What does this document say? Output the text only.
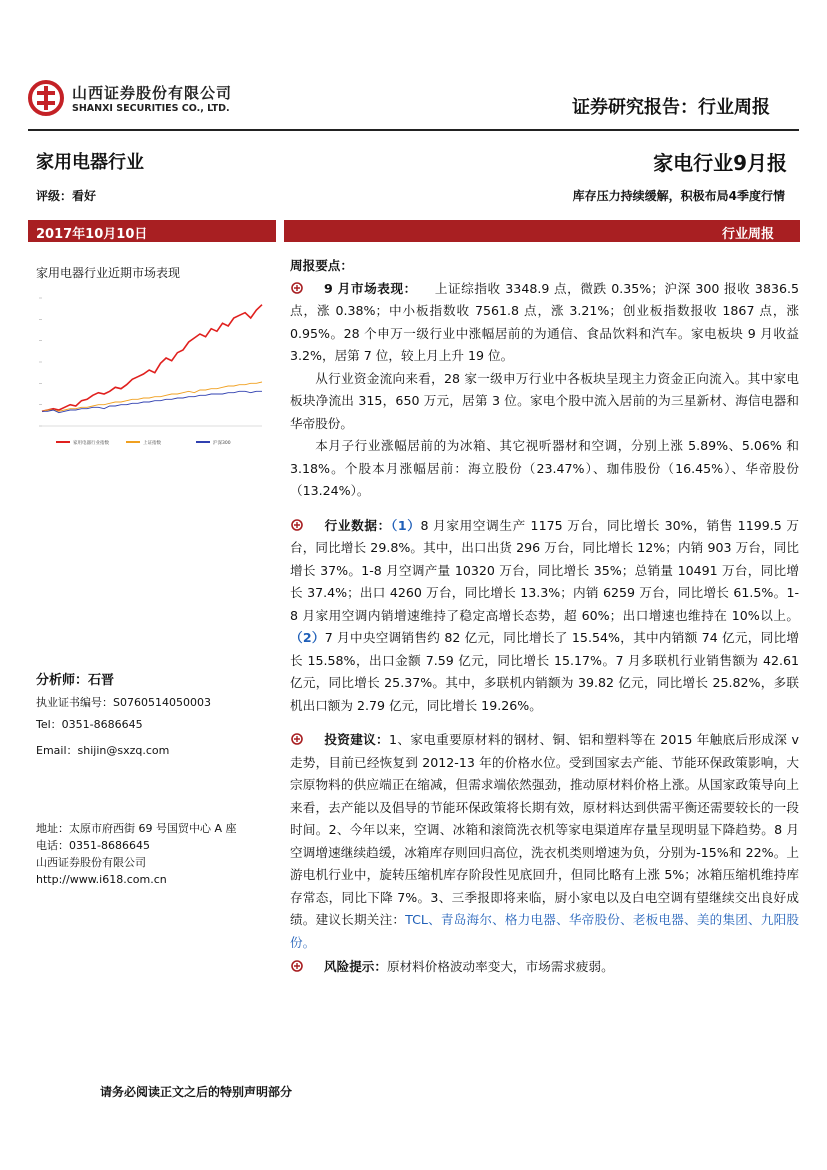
山西证券股份有限公司
SHANXI SECURITIES CO., LTD.	证券研究报告：行业周报
家用电器行业	家电行业9月报
评级：看好	库存压力持续缓解，积极布局4季度行情
2017年10月10日	行业周报
家用电器行业近期市场表现
家用电器行业指数	上证指数	沪深300
分析师：石晋
执业证书编号：S0760514050003
Tel：0351-8686645
Email：shijin@sxzq.com
地址：太原市府西街 69 号国贸中心 A 座
电话：0351-8686645
山西证券股份有限公司
http://www.i618.com.cn
周报要点：
9 月市场表现： 上证综指收 3348.9 点，微跌 0.35%；沪深 300 报收 3836.5 点，涨 0.38%；中小板指数收 7561.8 点，涨 3.21%；创业板指数报收 1867 点，涨 0.95%。28 个申万一级行业中涨幅居前的为通信、食品饮料和汽车。家电板块 9 月收益 3.2%，居第 7 位，较上月上升 19 位。
从行业资金流向来看，28 家一级申万行业中各板块呈现主力资金正向流入。其中家电板块净流出 315，650 万元，居第 3 位。家电个股中流入居前的为三星新材、海信电器和华帝股份。
本月子行业涨幅居前的为冰箱、其它视听器材和空调，分别上涨 5.89%、5.06% 和 3.18%。个股本月涨幅居前：海立股份（23.47%）、珈伟股份（16.45%）、华帝股份（13.24%）。
行业数据：（1）8 月家用空调生产 1175 万台，同比增长 30%，销售 1199.5 万台，同比增长 29.8%。其中，出口出货 296 万台，同比增长 12%；内销 903 万台，同比增长 37%。1-8 月空调产量 10320 万台，同比增长 35%；总销量 10491 万台，同比增长 37.4%；出口 4260 万台，同比增长 13.3%；内销 6259 万台，同比增长 61.5%。1-8 月家用空调内销增速维持了稳定高增长态势，超 60%；出口增速也维持在 10%以上。（2）7 月中央空调销售约 82 亿元，同比增长了 15.54%，其中内销额 74 亿元，同比增长 15.58%，出口金额 7.59 亿元，同比增长 15.17%。7 月多联机行业销售额为 42.61 亿元，同比增长 25.37%。其中，多联机内销额为 39.82 亿元，同比增长 25.82%，多联机出口额为 2.79 亿元，同比增长 19.26%。
投资建议：1、家电重要原材料的钢材、铜、铝和塑料等在 2015 年触底后形成深 v 走势，目前已经恢复到 2012-13 年的价格水位。受到国家去产能、节能环保政策影响，大宗原物料的供应端正在缩减，但需求端依然强劲，推动原材料价格上涨。从国家政策导向上来看，去产能以及倡导的节能环保政策将长期有效，原材料达到供需平衡还需要较长的一段时间。2、今年以来，空调、冰箱和滚筒洗衣机等家电渠道库存量呈现明显下降趋势。8 月空调增速继续趋缓，冰箱库存则回归高位，洗衣机类则增速为负，分别为-15%和 22%。上游电机行业中，旋转压缩机库存阶段性见底回升，但同比略有上涨 5%；冰箱压缩机维持库存常态，同比下降 7%。3、三季报即将来临，厨小家电以及白电空调有望继续交出良好成绩。建议长期关注：TCL、青岛海尔、格力电器、华帝股份、老板电器、美的集团、九阳股份。
风险提示：原材料价格波动率变大，市场需求疲弱。
请务必阅读正文之后的特别声明部分
